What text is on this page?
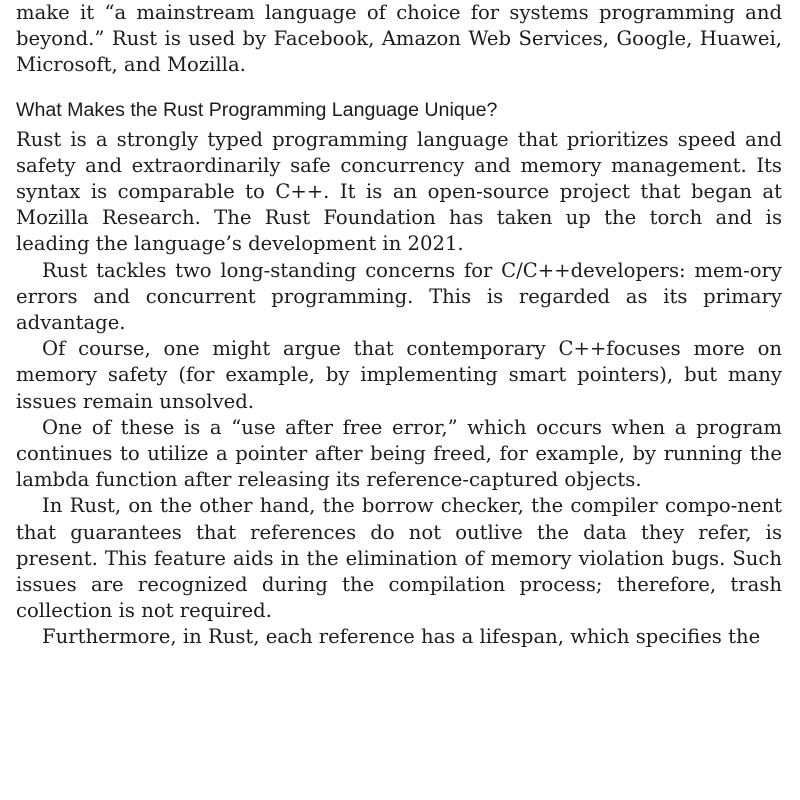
make it “a mainstream language of choice for systems programming and beyond.” Rust is used by Facebook, Amazon Web Services, Google, Huawei, Microsoft, and Mozilla.

What Makes the Rust Programming Language Unique?

Rust is a strongly typed programming language that prioritizes speed and safety and extraordinarily safe concurrency and memory management. Its syntax is comparable to C++. It is an open-source project that began at Mozilla Research. The Rust Foundation has taken up the torch and is leading the language’s development in 2021.

Rust tackles two long-standing concerns for C/C++developers: mem-ory errors and concurrent programming. This is regarded as its primary advantage.

Of course, one might argue that contemporary C++focuses more on memory safety (for example, by implementing smart pointers), but many issues remain unsolved.

One of these is a “use after free error,” which occurs when a program continues to utilize a pointer after being freed, for example, by running the lambda function after releasing its reference-captured objects.

In Rust, on the other hand, the borrow checker, the compiler compo-nent that guarantees that references do not outlive the data they refer, is present. This feature aids in the elimination of memory violation bugs. Such issues are recognized during the compilation process; therefore, trash collection is not required.

Furthermore, in Rust, each reference has a lifespan, which specifies the
